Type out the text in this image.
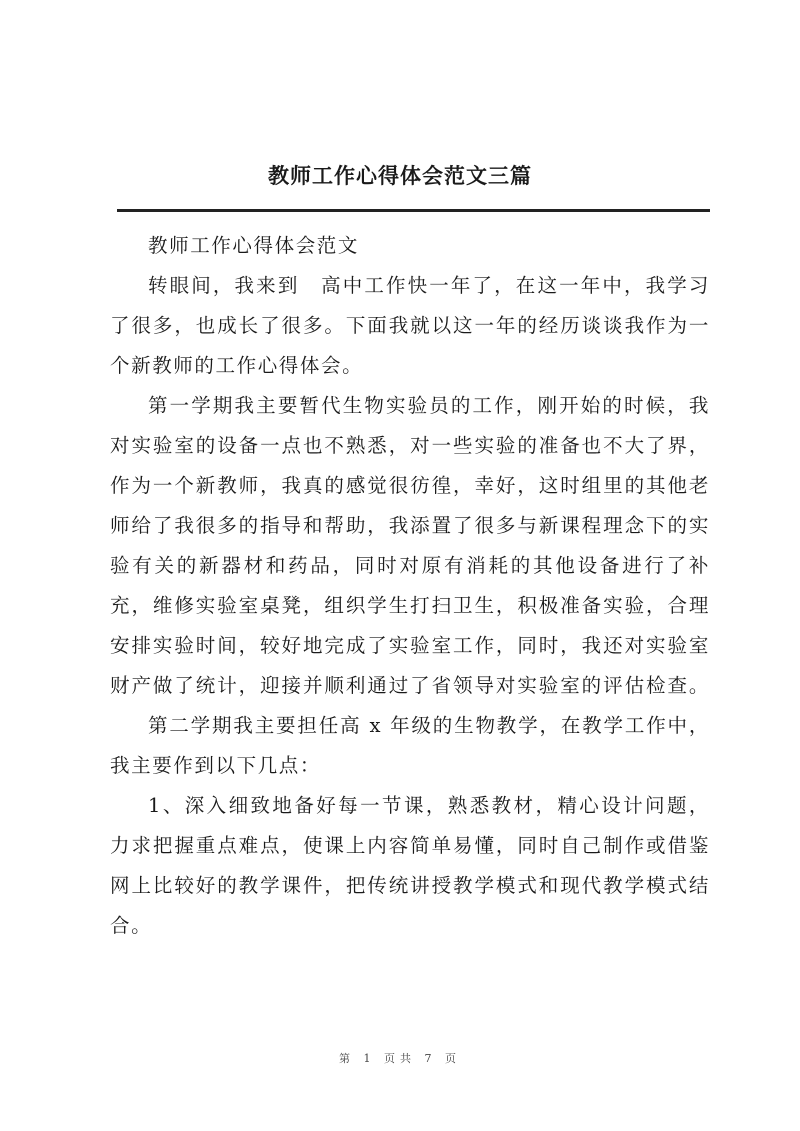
教师工作心得体会范文三篇
教师工作心得体会范文
转眼间，我来到　高中工作快一年了，在这一年中，我学习
了很多，也成长了很多。下面我就以这一年的经历谈谈我作为一
个新教师的工作心得体会。
第一学期我主要暂代生物实验员的工作，刚开始的时候，我
对实验室的设备一点也不熟悉，对一些实验的准备也不大了界，
作为一个新教师，我真的感觉很彷徨，幸好，这时组里的其他老
师给了我很多的指导和帮助，我添置了很多与新课程理念下的实
验有关的新器材和药品，同时对原有消耗的其他设备进行了补
充，维修实验室桌凳，组织学生打扫卫生，积极准备实验，合理
安排实验时间，较好地完成了实验室工作，同时，我还对实验室
财产做了统计，迎接并顺利通过了省领导对实验室的评估检查。
第二学期我主要担任高 x 年级的生物教学，在教学工作中，
我主要作到以下几点：
1、深入细致地备好每一节课，熟悉教材，精心设计问题，
力求把握重点难点，使课上内容简单易懂，同时自己制作或借鉴
网上比较好的教学课件，把传统讲授教学模式和现代教学模式结
合。
第 1 页共 7 页
